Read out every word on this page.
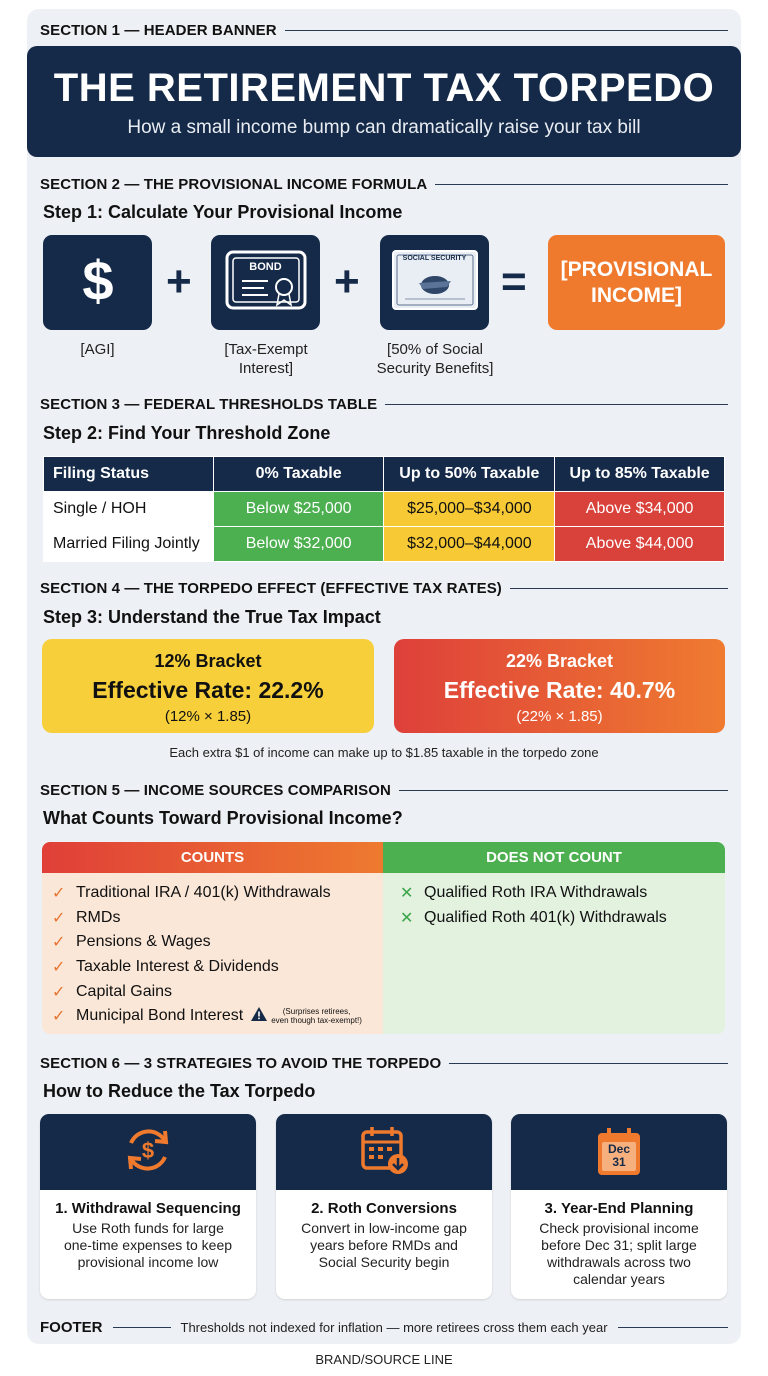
SECTION 1 — HEADER BANNER
THE RETIREMENT TAX TORPEDO
How a small income bump can dramatically raise your tax bill
SECTION 2 — THE PROVISIONAL INCOME FORMULA
Step 1: Calculate Your Provisional Income
$ +	BOND	+	SOCIAL SECURITY = [PROVISIONAL
INCOME]
[AGI]	[Tax-Exempt
Interest]
[50% of Social
Security Benefits]
SECTION 3 — FEDERAL THRESHOLDS TABLE
Step 2: Find Your Threshold Zone
Filing Status	0% Taxable	Up to 50% Taxable	Up to 85% Taxable
Single / HOH	Below $25,000	$25,000–$34,000	Above $34,000
Married Filing Jointly	Below $32,000	$32,000–$44,000	Above $44,000
SECTION 4 — THE TORPEDO EFFECT (EFFECTIVE TAX RATES)
Step 3: Understand the True Tax Impact
12% Bracket
Effective Rate: 22.2%
(12% × 1.85)
22% Bracket
Effective Rate: 40.7%
(22% × 1.85)
Each extra $1 of income can make up to $1.85 taxable in the torpedo zone
SECTION 5 — INCOME SOURCES COMPARISON
What Counts Toward Provisional Income?
COUNTS
✓ Traditional IRA / 401(k) Withdrawals
✓ RMDs
✓ Pensions & Wages
✓ Taxable Interest & Dividends
✓ Capital Gains
✓ Municipal Bond Interest	(Surprises retirees,
even though tax-exempt!)
DOES NOT COUNT
✕ Qualified Roth IRA Withdrawals
✕ Qualified Roth 401(k) Withdrawals
SECTION 6 — 3 STRATEGIES TO AVOID THE TORPEDO
How to Reduce the Tax Torpedo
$
1. Withdrawal Sequencing
Use Roth funds for large
one-time expenses to keep
provisional income low
2. Roth Conversions
Convert in low-income gap
years before RMDs and
Social Security begin
Dec
31
3. Year-End Planning
Check provisional income
before Dec 31; split large
withdrawals across two
calendar years
FOOTER	Thresholds not indexed for inflation — more retirees cross them each year
BRAND/SOURCE LINE
